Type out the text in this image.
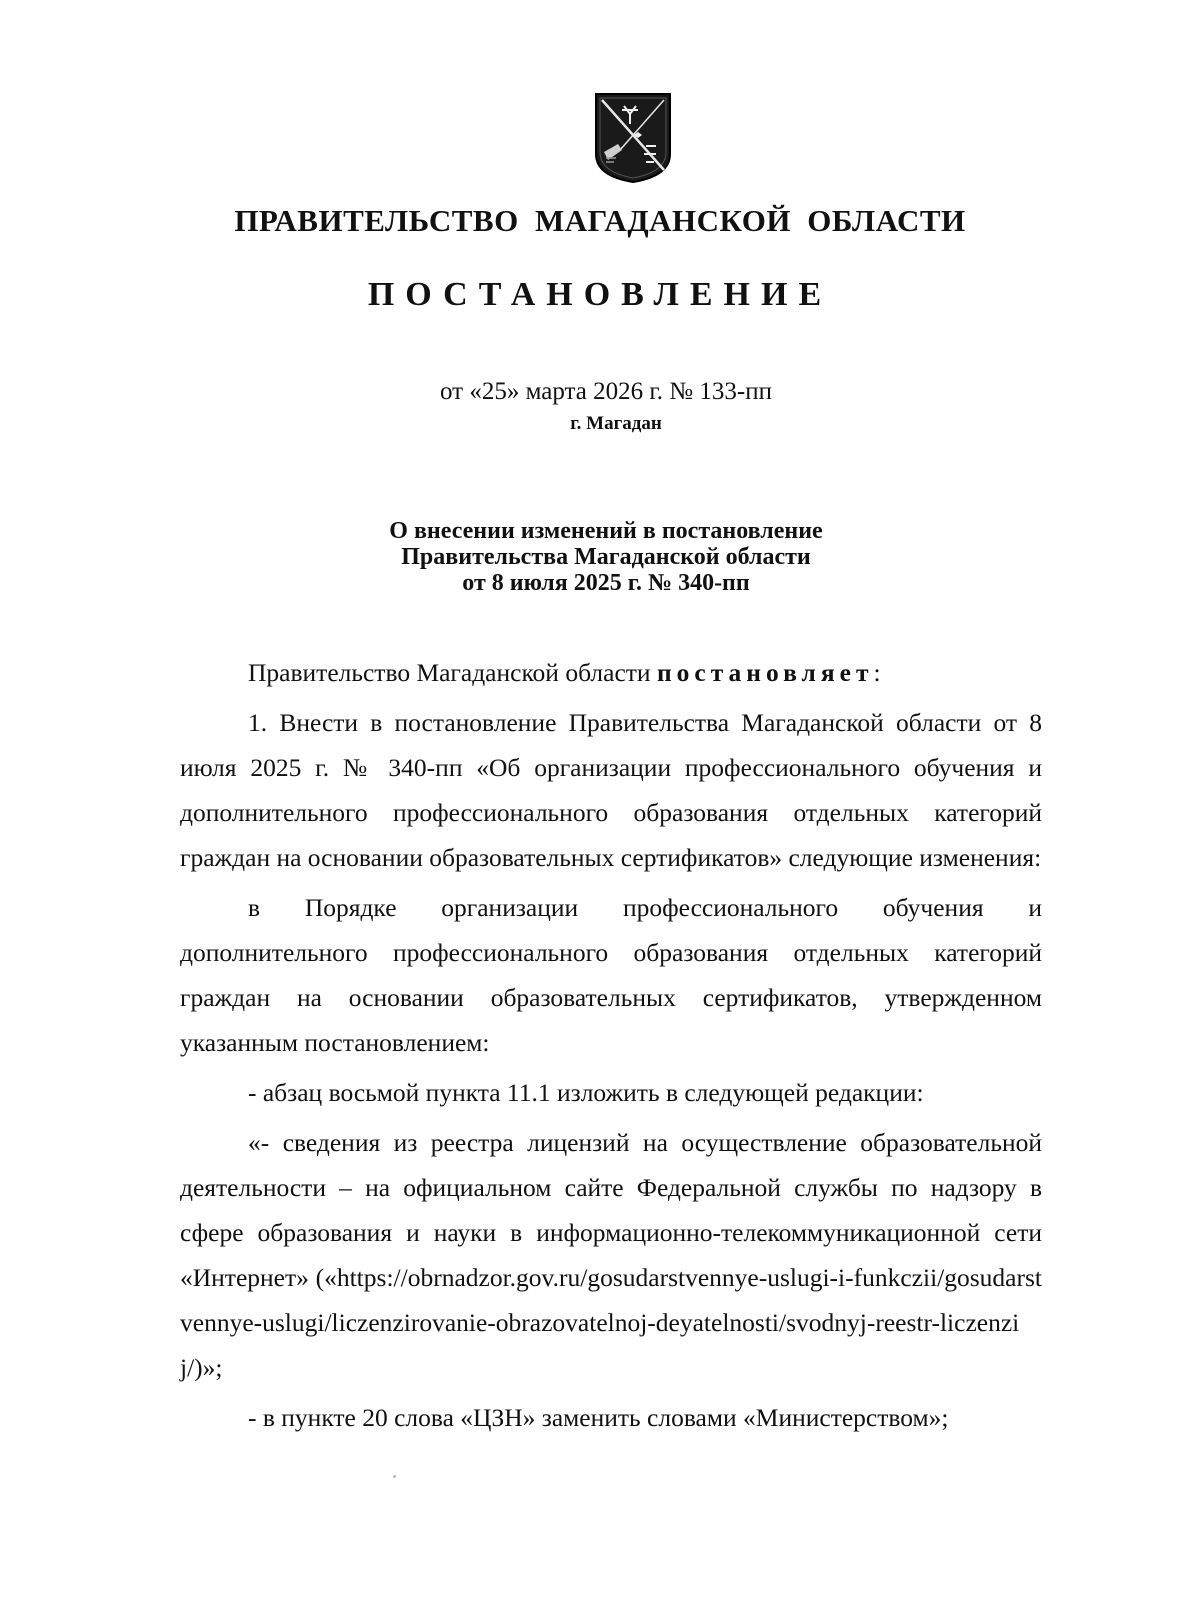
ПРАВИТЕЛЬСТВО МАГАДАНСКОЙ ОБЛАСТИ
ПОСТАНОВЛЕНИЕ
от «25» марта 2026 г. № 133-пп
г. Магадан
О внесении изменений в постановление
Правительства Магаданской области
от 8 июля 2025 г. № 340-пп

Правительство Магаданской области постановляет:

1. Внести в постановление Правительства Магаданской области от 8 июля 2025 г. № 340-пп «Об организации профессионального обучения и дополнительного профессионального образования отдельных категорий граждан на основании образовательных сертификатов» следующие изменения:

в Порядке организации профессионального обучения и дополнительного профессионального образования отдельных категорий граждан на основании образовательных сертификатов, утвержденном указанным постановлением:

- абзац восьмой пункта 11.1 изложить в следующей редакции:

«- сведения из реестра лицензий на осуществление образовательной деятельности – на официальном сайте Федеральной службы по надзору в сфере образования и науки в информационно-телекоммуникационной сети «Интернет» («https://obrnadzor.gov.ru/gosudarstvennye-uslugi-i-funkczii/gosudarstvennye-uslugi/liczenzirovanie-obrazovatelnoj-deyatelnosti/svodnyj-reestr-liczenzij/)»;

- в пункте 20 слова «ЦЗН» заменить словами «Министерством»;
